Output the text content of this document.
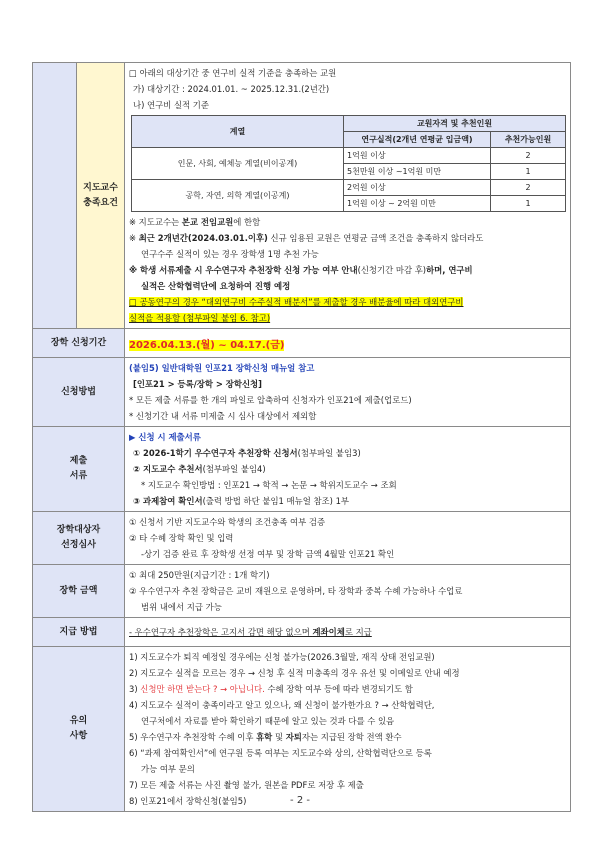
지도교수
충족요건

□ 아래의 대상기간 중 연구비 실적 기준을 충족하는 교원
가) 대상기간 : 2024.01.01. ~ 2025.12.31.(2년간)
나) 연구비 실적 기준
계열	교원자격 및 추천인원
연구실적(2개년 연평균 입금액)	추천가능인원
인문, 사회, 예체능 계열(비이공계)	1억원 이상	2
5천만원 이상 ~1억원 미만	1
공학, 자연, 의학 계열(이공계)	2억원 이상	2
1억원 이상 ~ 2억원 미만	1
※ 지도교수는 본교 전임교원에 한함
※ 최근 2개년간(2024.03.01.이후) 신규 임용된 교원은 연평균 금액 조건을 충족하지 않더라도
연구수주 실적이 있는 경우 장학생 1명 추천 가능
※ 학생 서류제출 시 우수연구자 추천장학 신청 가능 여부 안내(신청기간 마감 후)하며, 연구비
실적은 산학협력단에 요청하여 진행 예정
□ 공동연구의 경우 “대외연구비 수주실적 배분서”를 제출할 경우 배분율에 따라 대외연구비
실적을 적용함 (첨부파일 붙임 6. 참고)

장학 신청기간	2026.04.13.(월) ~ 04.17.(금)
신청방법	
(붙임5) 일반대학원 인포21 장학신청 매뉴얼 참고
[인포21 > 등록/장학 > 장학신청]
* 모든 제출 서류를 한 개의 파일로 압축하여 신청자가 인포21에 제출(업로드)
* 신청기간 내 서류 미제출 시 심사 대상에서 제외함

제출
서류

▶ 신청 시 제출서류
① 2026-1학기 우수연구자 추천장학 신청서(첨부파일 붙임3)
② 지도교수 추천서(첨부파일 붙임4)
* 지도교수 확인방법 : 인포21 → 학적 → 논문 → 학위지도교수 → 조회
③ 과제참여 확인서(출력 방법 하단 붙임1 매뉴얼 참조) 1부

장학대상자
선정심사

① 신청서 기반 지도교수와 학생의 조건충족 여부 검증
② 타 수혜 장학 확인 및 입력
-상기 검증 완료 후 장학생 선정 여부 및 장학 금액 4월말 인포21 확인

장학 금액	
① 최대 250만원(지급기간 : 1개 학기)
② 우수연구자 추천 장학금은 교비 재원으로 운영하며, 타 장학과 중복 수혜 가능하나 수업료
범위 내에서 지급 가능

지급 방법	- 우수연구자 추천장학은 고지서 감면 해당 없으며 계좌이체로 지급

유의
사항

1) 지도교수가 퇴직 예정일 경우에는 신청 불가능(2026.3월말, 재직 상태 전임교원)
2) 지도교수 실적을 모르는 경우 → 신청 후 실적 미충족의 경우 유선 및 이메일로 안내 예정
3) 신청만 하면 받는다 ? → 아닙니다. 수혜 장학 여부 등에 따라 변경되기도 함
4) 지도교수 실적이 충족이라고 알고 있으나, 왜 신청이 불가한가요 ? → 산학협력단,
연구처에서 자료를 받아 확인하기 때문에 알고 있는 것과 다를 수 있음
5) 우수연구자 추천장학 수혜 이후 휴학 및 자퇴자는 지급된 장학 전액 환수
6) “과제 참여확인서”에 연구원 등록 여부는 지도교수와 상의, 산학협력단으로 등록
가능 여부 문의
7) 모든 제출 서류는 사진 촬영 불가, 원본을 PDF로 저장 후 제출
8) 인포21에서 장학신청(붙임5)	- 2 -
